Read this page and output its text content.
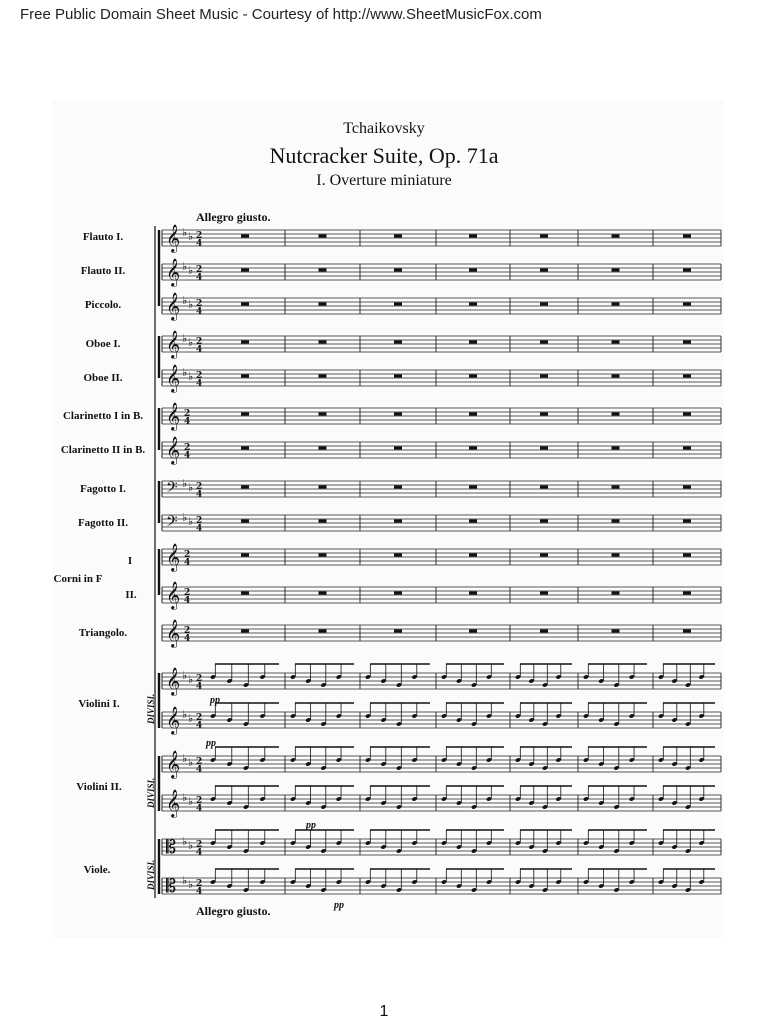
Free Public Domain Sheet Music - Courtesy of http://www.SheetMusicFox.com
Tchaikovsky
Nutcracker Suite, Op. 71a
I. Overture miniature
Allegro giusto.
Allegro giusto.
Flauto I.
Flauto II.
Piccolo.
Oboe I.
Oboe II.
Clarinetto I in B.
Clarinetto II in B.
Fagotto I.
Fagotto II.
I
Corni in F
II.
Triangolo.
Violini I.
Violini II.
Viole.
DIVISI.
DIVISI.
DIVISI.
pp
pp
pp
pp
𝄞 ♭ ♭ 2
4
𝄞 ♭ ♭ 2
4
𝄞 ♭ ♭ 2
4
𝄞 ♭ ♭ 2
4
𝄞 ♭ ♭ 2
4
𝄞 2
4
𝄞 2
4
𝄢 ♭ ♭ 2
4
𝄢 ♭ ♭ 2
4
𝄞 2
4
𝄞 2
4
𝄞 2
4
𝄞 ♭ ♭ 2
4
𝄞 ♭ ♭ 2
4
𝄞 ♭ ♭ 2
4
𝄞 ♭ ♭ 2
4
𝄡 ♭ ♭ 2
4
𝄡 ♭ ♭ 2
4
1
